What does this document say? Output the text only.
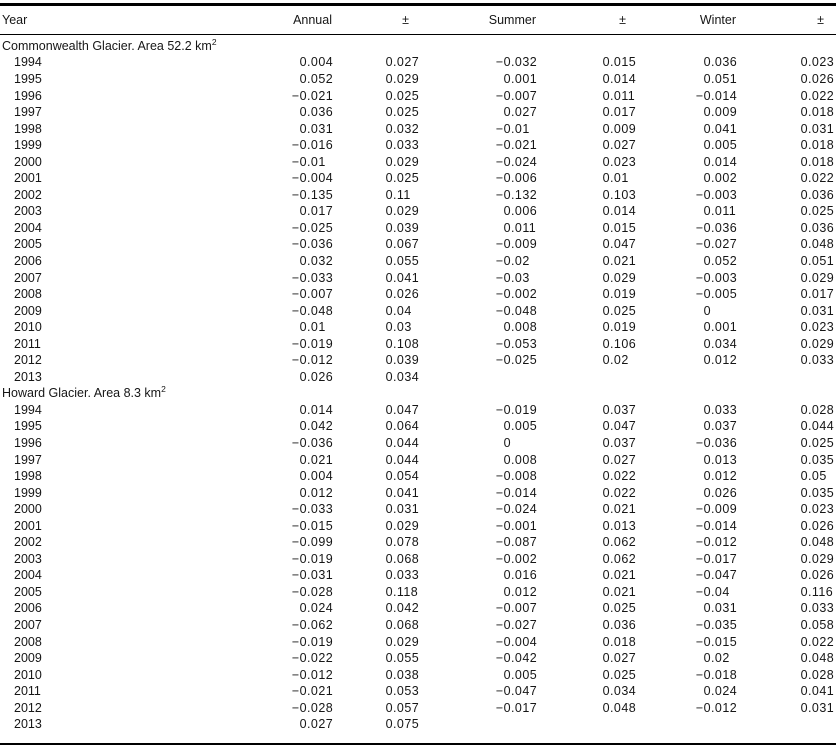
Year	Annual	±	Summer	±	Winter	±
Commonwealth Glacier. Area 52.2 $km^2$
1994	0 .004	0 .027	−0 .032	0 .015	0 .036	0 .023
1995	0 .052	0 .029	0 .001	0 .014	0 .051	0 .026
1996	−0 .021	0 .025	−0 .007	0 .011	−0 .014	0 .022
1997	0 .036	0 .025	0 .027	0 .017	0 .009	0 .018
1998	0 .031	0 .032	−0 .01	0 .009	0 .041	0 .031
1999	−0 .016	0 .033	−0 .021	0 .027	0 .005	0 .018
2000	−0 .01	0 .029	−0 .024	0 .023	0 .014	0 .018
2001	−0 .004	0 .025	−0 .006	0 .01	0 .002	0 .022
2002	−0 .135	0 .11	−0 .132	0 .103	−0 .003	0 .036
2003	0 .017	0 .029	0 .006	0 .014	0 .011	0 .025
2004	−0 .025	0 .039	0 .011	0 .015	−0 .036	0 .036
2005	−0 .036	0 .067	−0 .009	0 .047	−0 .027	0 .048
2006	0 .032	0 .055	−0 .02	0 .021	0 .052	0 .051
2007	−0 .033	0 .041	−0 .03	0 .029	−0 .003	0 .029
2008	−0 .007	0 .026	−0 .002	0 .019	−0 .005	0 .017
2009	−0 .048	0 .04	−0 .048	0 .025	0	0 .031
2010	0 .01	0 .03	0 .008	0 .019	0 .001	0 .023
2011	−0 .019	0 .108	−0 .053	0 .106	0 .034	0 .029
2012	−0 .012	0 .039	−0 .025	0 .02	0 .012	0 .033
2013	0 .026	0 .034
Howard Glacier. Area 8.3 $km^2$
1994	0 .014	0 .047	−0 .019	0 .037	0 .033	0 .028
1995	0 .042	0 .064	0 .005	0 .047	0 .037	0 .044
1996	−0 .036	0 .044	0	0 .037	−0 .036	0 .025
1997	0 .021	0 .044	0 .008	0 .027	0 .013	0 .035
1998	0 .004	0 .054	−0 .008	0 .022	0 .012	0 .05
1999	0 .012	0 .041	−0 .014	0 .022	0 .026	0 .035
2000	−0 .033	0 .031	−0 .024	0 .021	−0 .009	0 .023
2001	−0 .015	0 .029	−0 .001	0 .013	−0 .014	0 .026
2002	−0 .099	0 .078	−0 .087	0 .062	−0 .012	0 .048
2003	−0 .019	0 .068	−0 .002	0 .062	−0 .017	0 .029
2004	−0 .031	0 .033	0 .016	0 .021	−0 .047	0 .026
2005	−0 .028	0 .118	0 .012	0 .021	−0 .04	0 .116
2006	0 .024	0 .042	−0 .007	0 .025	0 .031	0 .033
2007	−0 .062	0 .068	−0 .027	0 .036	−0 .035	0 .058
2008	−0 .019	0 .029	−0 .004	0 .018	−0 .015	0 .022
2009	−0 .022	0 .055	−0 .042	0 .027	0 .02	0 .048
2010	−0 .012	0 .038	0 .005	0 .025	−0 .018	0 .028
2011	−0 .021	0 .053	−0 .047	0 .034	0 .024	0 .041
2012	−0 .028	0 .057	−0 .017	0 .048	−0 .012	0 .031
2013	0 .027	0 .075
